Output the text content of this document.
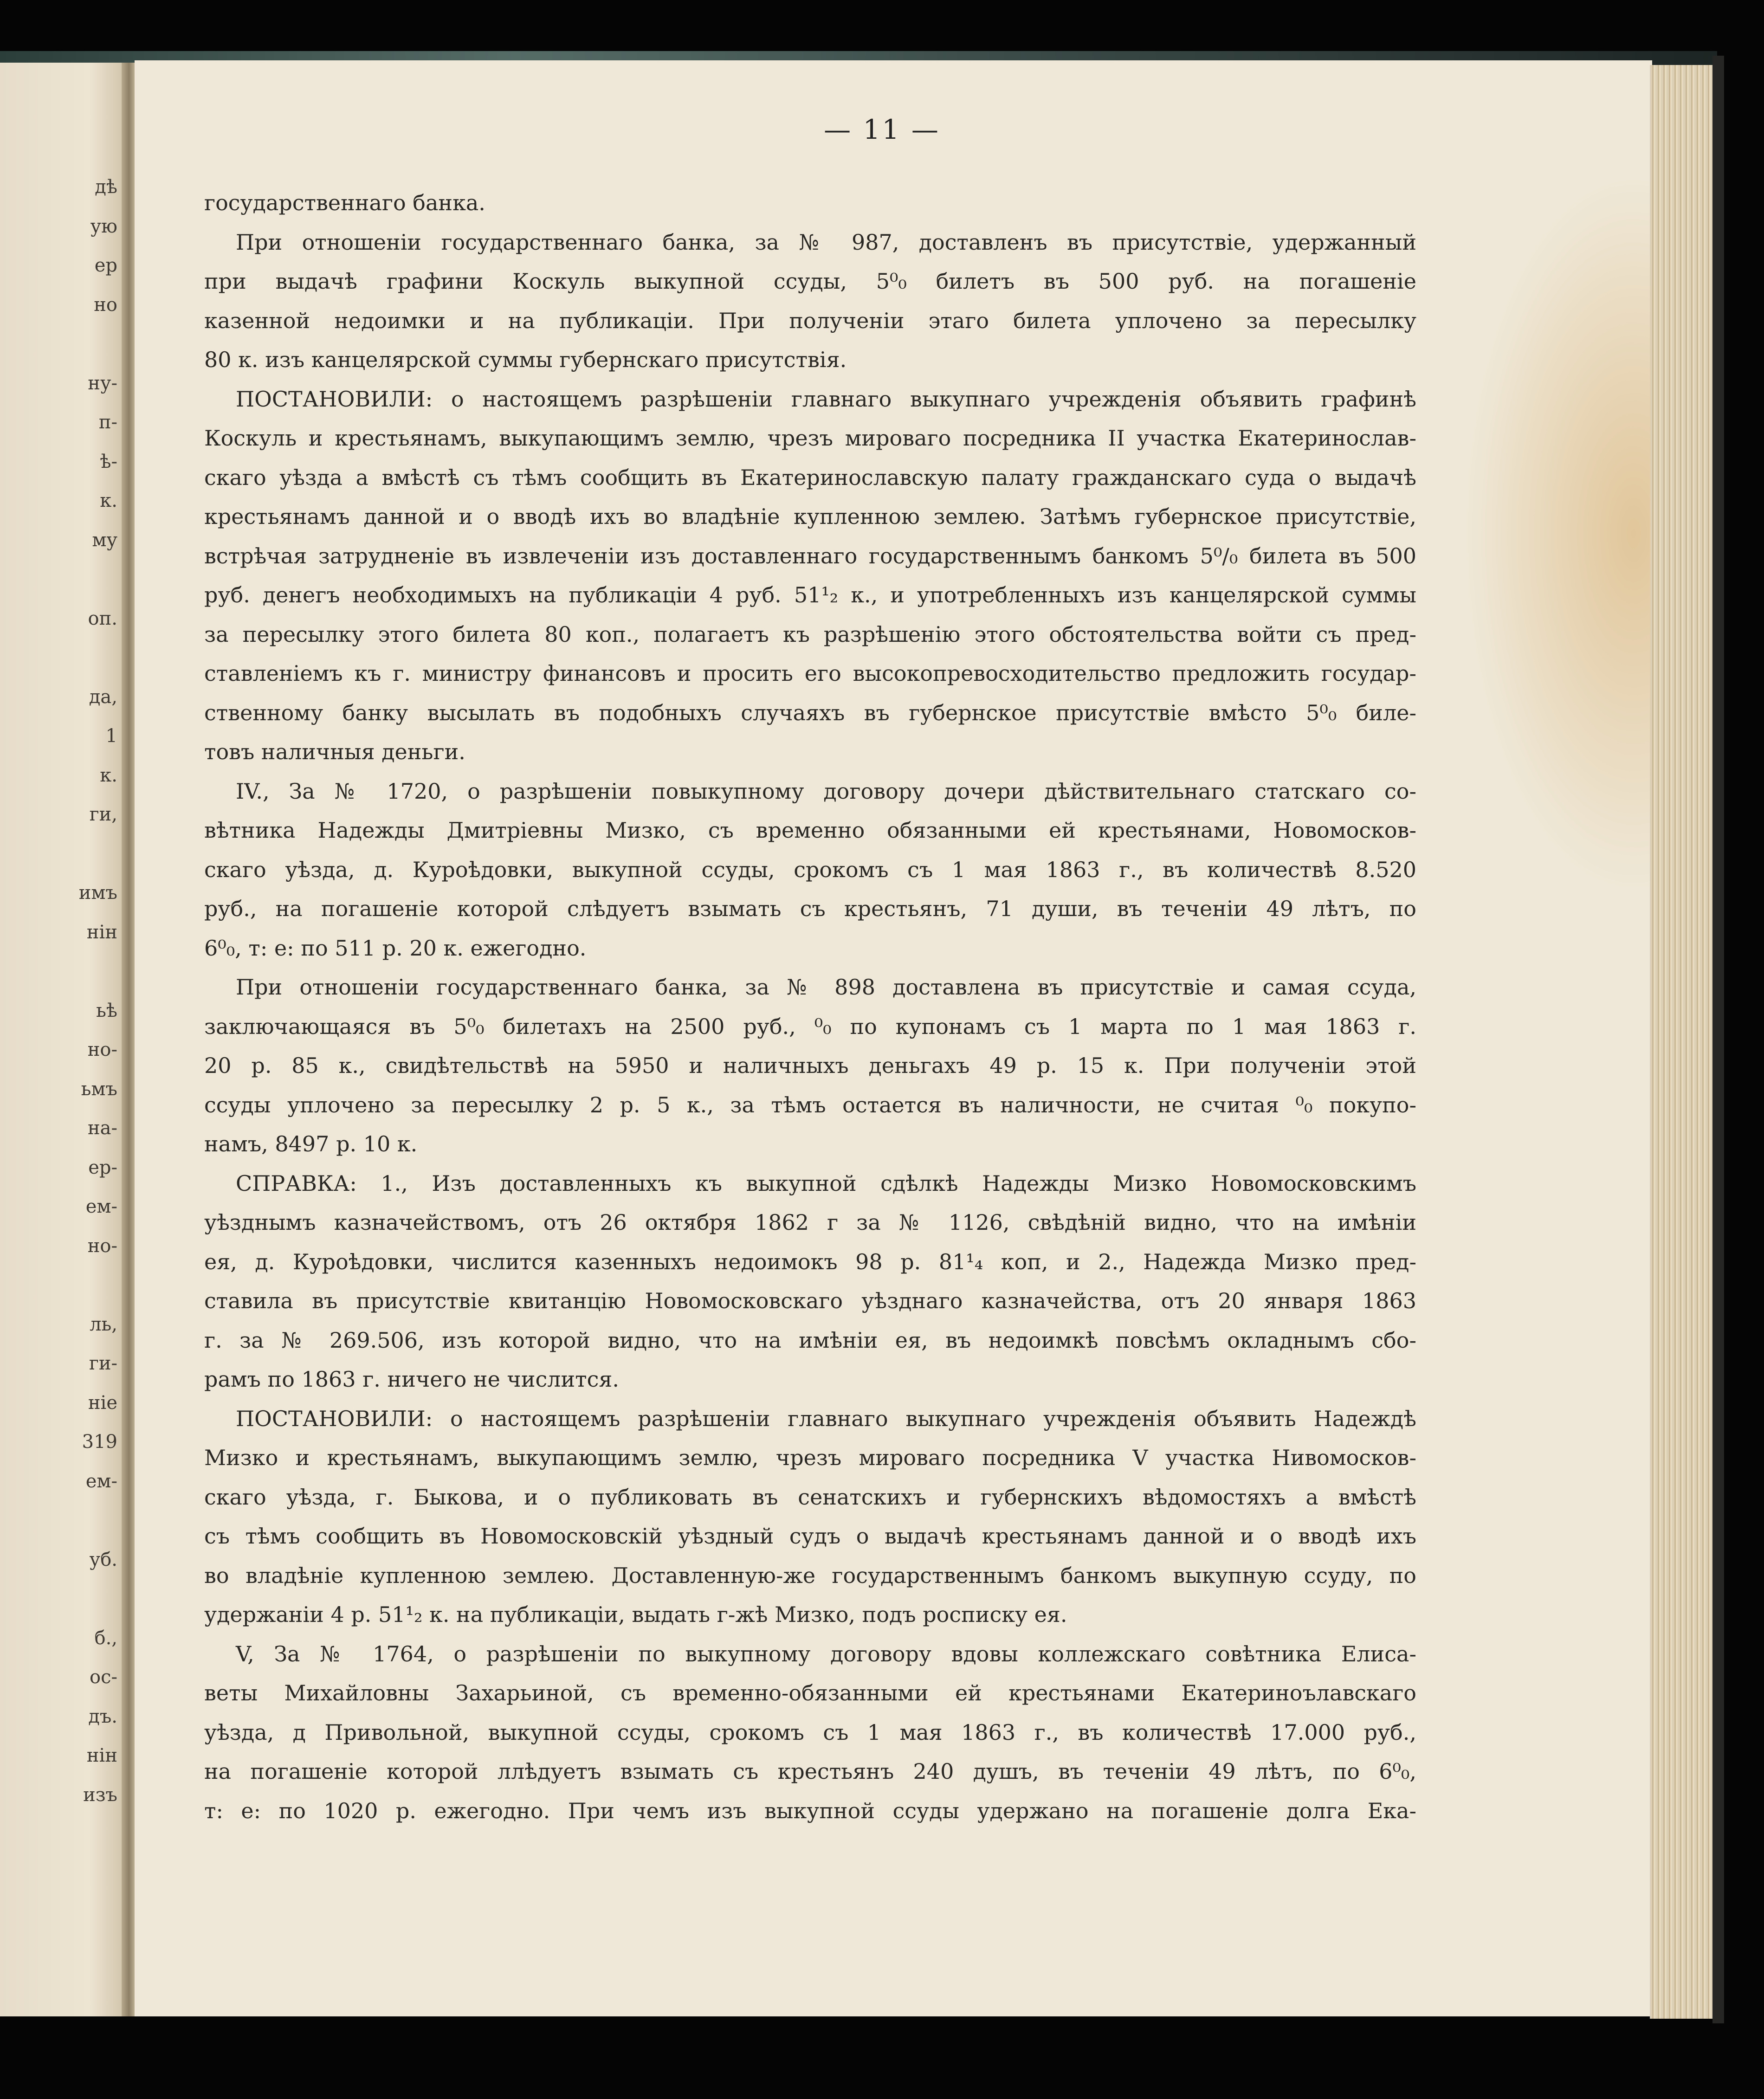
дѣ
ую
ер
но
ну-
п-
ѣ-
к.
му
оп.
да,
1
к.
ги,
имъ
нін
ьѣ
но-
ьмъ
на-
ер-
ем-
но-
ль,
ги-
ніе
319
ем-
уб.
б.,
ос-
дъ.
нін
изъ
— 11 —
государственнаго банка.
При отношеніи государственнаго банка, за № 987, доставленъ въ присутствіе, удержанный
при выдачѣ графини Коскуль выкупной ссуды, 5⁰₀ билетъ въ 500 руб. на погашеніе
казенной недоимки и на публикаціи. При полученіи этаго билета уплочено за пересылку
80 к. изъ канцелярской суммы губернскаго присутствія.
ПОСТАНОВИЛИ: о настоящемъ разрѣшеніи главнаго выкупнаго учрежденія объявить графинѣ
Коскуль и крестьянамъ, выкупающимъ землю, чрезъ мироваго посредника II участка Екатеринослав-
скаго уѣзда а вмѣстѣ съ тѣмъ сообщить въ Екатеринославскую палату гражданскаго суда о выдачѣ
крестьянамъ данной и о вводѣ ихъ во владѣніе купленною землею. Затѣмъ губернское присутствіе,
встрѣчая затрудненіе въ извлеченіи изъ доставленнаго государственнымъ банкомъ 5⁰/₀ билета въ 500
руб. денегъ необходимыхъ на публикаціи 4 руб. 51¹₂ к., и употребленныхъ изъ канцелярской суммы
за пересылку этого билета 80 коп., полагаетъ къ разрѣшенію этого обстоятельства войти съ пред-
ставленіемъ къ г. министру финансовъ и просить его высокопревосходительство предложить государ-
ственному банку высылать въ подобныхъ случаяхъ въ губернское присутствіе вмѣсто 5⁰₀ биле-
товъ наличныя деньги.
IV., За № 1720, о разрѣшеніи повыкупному договору дочери дѣйствительнаго статскаго со-
вѣтника Надежды Дмитріевны Мизко, съ временно обязанными ей крестьянами, Новомосков-
скаго уѣзда, д. Куроѣдовки, выкупной ссуды, срокомъ съ 1 мая 1863 г., въ количествѣ 8.520
руб., на погашеніе которой слѣдуетъ взымать съ крестьянъ, 71 души, въ теченіи 49 лѣтъ, по
6⁰₀, т: е: по 511 р. 20 к. ежегодно.
При отношеніи государственнаго банка, за № 898 доставлена въ присутствіе и самая ссуда,
заключающаяся въ 5⁰₀ билетахъ на 2500 руб., ⁰₀ по купонамъ съ 1 марта по 1 мая 1863 г.
20 р. 85 к., свидѣтельствѣ на 5950 и наличныхъ деньгахъ 49 р. 15 к. При полученіи этой
ссуды уплочено за пересылку 2 р. 5 к., за тѣмъ остается въ наличности, не считая ⁰₀ покупо-
намъ, 8497 р. 10 к.
СПРАВКА: 1., Изъ доставленныхъ къ выкупной сдѣлкѣ Надежды Мизко Новомосковскимъ
уѣзднымъ казначействомъ, отъ 26 октября 1862 г за № 1126, свѣдѣній видно, что на имѣніи
ея, д. Куроѣдовки, числится казенныхъ недоимокъ 98 р. 81¹₄ коп, и 2., Надежда Мизко пред-
ставила въ присутствіе квитанцію Новомосковскаго уѣзднаго казначейства, отъ 20 января 1863
г. за № 269.506, изъ которой видно, что на имѣніи ея, въ недоимкѣ повсѣмъ окладнымъ сбо-
рамъ по 1863 г. ничего не числится.
ПОСТАНОВИЛИ: о настоящемъ разрѣшеніи главнаго выкупнаго учрежденія объявить Надеждѣ
Мизко и крестьянамъ, выкупающимъ землю, чрезъ мироваго посредника V участка Нивомосков-
скаго уѣзда, г. Быкова, и о публиковать въ сенатскихъ и губернскихъ вѣдомостяхъ а вмѣстѣ
съ тѣмъ сообщить въ Новомосковскій уѣздный судъ о выдачѣ крестьянамъ данной и о вводѣ ихъ
во владѣніе купленною землею. Доставленную-же государственнымъ банкомъ выкупную ссуду, по
удержаніи 4 р. 51¹₂ к. на публикаціи, выдать г-жѣ Мизко, подъ росписку ея.
V, За № 1764, о разрѣшеніи по выкупному договору вдовы коллежскаго совѣтника Елиса-
веты Михайловны Захарьиной, съ временно-обязанными ей крестьянами Екатериноълавскаго
уѣзда, д Привольной, выкупной ссуды, срокомъ съ 1 мая 1863 г., въ количествѣ 17.000 руб.,
на погашеніе которой ллѣдуетъ взымать съ крестьянъ 240 душъ, въ теченіи 49 лѣтъ, по 6⁰₀,
т: е: по 1020 р. ежегодно. При чемъ изъ выкупной ссуды удержано на погашеніе долга Ека-
